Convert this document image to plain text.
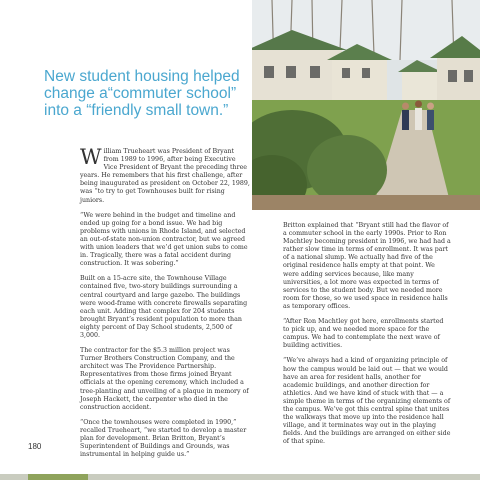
New student housing helped change a“commuter school” into a “friendly small town.”

William Trueheart was President of Bryant from 1989 to 1996, after being Executive Vice President of Bryant the preceding three years. He remembers that his first challenge, after being inaugurated as president on October 22, 1989, was “to try to get Townhouses built for rising juniors.

“We were behind in the budget and timeline and ended up going for a bond issue. We had big problems with unions in Rhode Island, and selected an out-of-state non-union contractor, but we agreed with union leaders that we’d get union subs to come in. Tragically, there was a fatal accident during construction. It was sobering.”

Built on a 15-acre site, the Townhouse Village contained five, two-story buildings surrounding a central courtyard and large gazebo. The buildings were wood-frame with concrete firewalls separating each unit. Adding that complex for 204 students brought Bryant’s resident population to more than eighty percent of Day School students, 2,500 of 3,000.

The contractor for the $5.3 million project was Turner Brothers Construction Company, and the architect was The Providence Partnership. Representatives from those firms joined Bryant officials at the opening ceremony, which included a tree-planting and unveiling of a plaque in memory of Joseph Hackett, the carpenter who died in the construction accident.

“Once the townhouses were completed in 1990,” recalled Trueheart, “we started to develop a master plan for development. Brian Britton, Bryant’s Superintendent of Buildings and Grounds, was instrumental in helping guide us.”

Britton explained that “Bryant still had the flavor of a commuter school in the early 1990s. Prior to Ron Machtley becoming president in 1996, we had had a rather slow time in terms of enrollment. It was part of a national slump. We actually had five of the original residence halls empty at that point. We were adding services because, like many universities, a lot more was expected in terms of services to the student body. But we needed more room for those, so we used space in residence halls as temporary offices.

“After Ron Machtley got here, enrollments started to pick up, and we needed more space for the campus. We had to contemplate the next wave of building activities.

“We’ve always had a kind of organizing principle of how the campus would be laid out — that we would have an area for resident halls, another for academic buildings, and another direction for athletics. And we have kind of stuck with that — a simple theme in terms of the organizing elements of the campus. We’ve got this central spine that unites the walkways that move up into the residence hall village, and it terminates way out in the playing fields. And the buildings are arranged on either side of that spine.

180
